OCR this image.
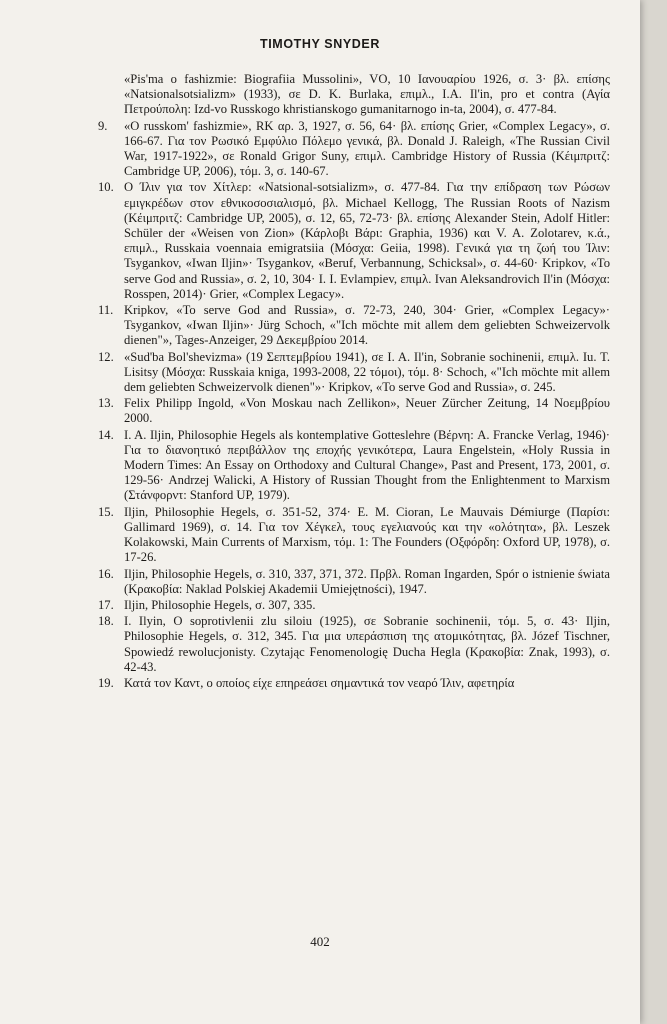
TIMOTHY SNYDER
«Pis'ma o fashizmie: Biografiia Mussolini», VO, 10 Ιανουαρίου 1926, σ. 3· βλ. επίσης «Natsionalsotsializm» (1933), σε D. K. Burlaka, επιμλ., I.A. Il'in, pro et contra (Αγία Πετρούπολη: Izd-vo Russkogo khristianskogo gumanitarnogo in-ta, 2004), σ. 477-84.
9.	«O russkom' fashizmie», RK αρ. 3, 1927, σ. 56, 64· βλ. επίσης Grier, «Complex Legacy», σ. 166-67. Για τον Ρωσικό Εμφύλιο Πόλεμο γενικά, βλ. Donald J. Raleigh, «The Russian Civil War, 1917-1922», σε Ronald Grigor Suny, επιμλ. Cambridge History of Russia (Κέιμπριτζ: Cambridge UP, 2006), τόμ. 3, σ. 140-67.
10. Ο Ίλιν για τον Χίτλερ: «Natsional-sotsializm», σ. 477-84. Για την επίδραση των Ρώσων εμιγκρέδων στον εθνικοσοσιαλισμό, βλ. Michael Kellogg, The Russian Roots of Nazism (Κέιμπριτζ: Cambridge UP, 2005), σ. 12, 65, 72-73· βλ. επίσης Alexander Stein, Adolf Hitler: Schüler der «Weisen von Zion» (Κάρλοβι Βάρι: Graphia, 1936) και V. A. Zolotarev, κ.ά., επιμλ., Russkaia voennaia emigratsiia (Μόσχα: Geiia, 1998). Γενικά για τη ζωή του Ίλιν: Tsygankov, «Iwan Iljin»· Tsygankov, «Beruf, Verbannung, Schicksal», σ. 44-60· Kripkov, «To serve God and Russia», σ. 2, 10, 304· I. I. Evlampiev, επιμλ. Ivan Aleksandrovich Il'in (Μόσχα: Rosspen, 2014)· Grier, «Complex Legacy».
11. Kripkov, «To serve God and Russia», σ. 72-73, 240, 304· Grier, «Complex Legacy»· Tsygankov, «Iwan Iljin»· Jürg Schoch, «"Ich möchte mit allem dem geliebten Schweizervolk dienen"», Tages-Anzeiger, 29 Δεκεμβρίου 2014.
12. «Sud'ba Bol'shevizma» (19 Σεπτεμβρίου 1941), σε I. A. Il'in, Sobranie sochinenii, επιμλ. Iu. T. Lisitsy (Μόσχα: Russkaia kniga, 1993-2008, 22 τόμοι), τόμ. 8· Schoch, «"Ich möchte mit allem dem geliebten Schweizervolk dienen"»· Kripkov, «To serve God and Russia», σ. 245.
13. Felix Philipp Ingold, «Von Moskau nach Zellikon», Neuer Zürcher Zeitung, 14 Νοεμβρίου 2000.
14. I. A. Iljin, Philosophie Hegels als kontemplative Gotteslehre (Βέρνη: A. Francke Verlag, 1946)· Για το διανοητικό περιβάλλον της εποχής γενικότερα, Laura Engelstein, «Holy Russia in Modern Times: An Essay on Orthodoxy and Cultural Change», Past and Present, 173, 2001, σ. 129-56· Andrzej Walicki, A History of Russian Thought from the Enlightenment to Marxism (Στάνφορντ: Stanford UP, 1979).
15. Iljin, Philosophie Hegels, σ. 351-52, 374· E. M. Cioran, Le Mauvais Démiurge (Παρίσι: Gallimard 1969), σ. 14. Για τον Χέγκελ, τους εγελιανούς και την «ολότητα», βλ. Leszek Kolakowski, Main Currents of Marxism, τόμ. 1: The Founders (Οξφόρδη: Oxford UP, 1978), σ. 17-26.
16. Iljin, Philosophie Hegels, σ. 310, 337, 371, 372. Πρβλ. Roman Ingarden, Spór o istnienie świata (Κρακοβία: Naklad Polskiej Akademii Umiejętności), 1947.
17. Iljin, Philosophie Hegels, σ. 307, 335.
18. I. Ilyin, O soprotivlenii zlu siloiu (1925), σε Sobranie sochinenii, τόμ. 5, σ. 43· Iljin, Philosophie Hegels, σ. 312, 345. Για μια υπεράσπιση της ατομικότητας, βλ. Józef Tischner, Spowiedź rewolucjonisty. Czytając Fenomenologię Ducha Hegla (Κρακοβία: Znak, 1993), σ. 42-43.
19. Κατά τον Καντ, ο οποίος είχε επηρεάσει σημαντικά τον νεαρό Ίλιν, αφετηρία
402
